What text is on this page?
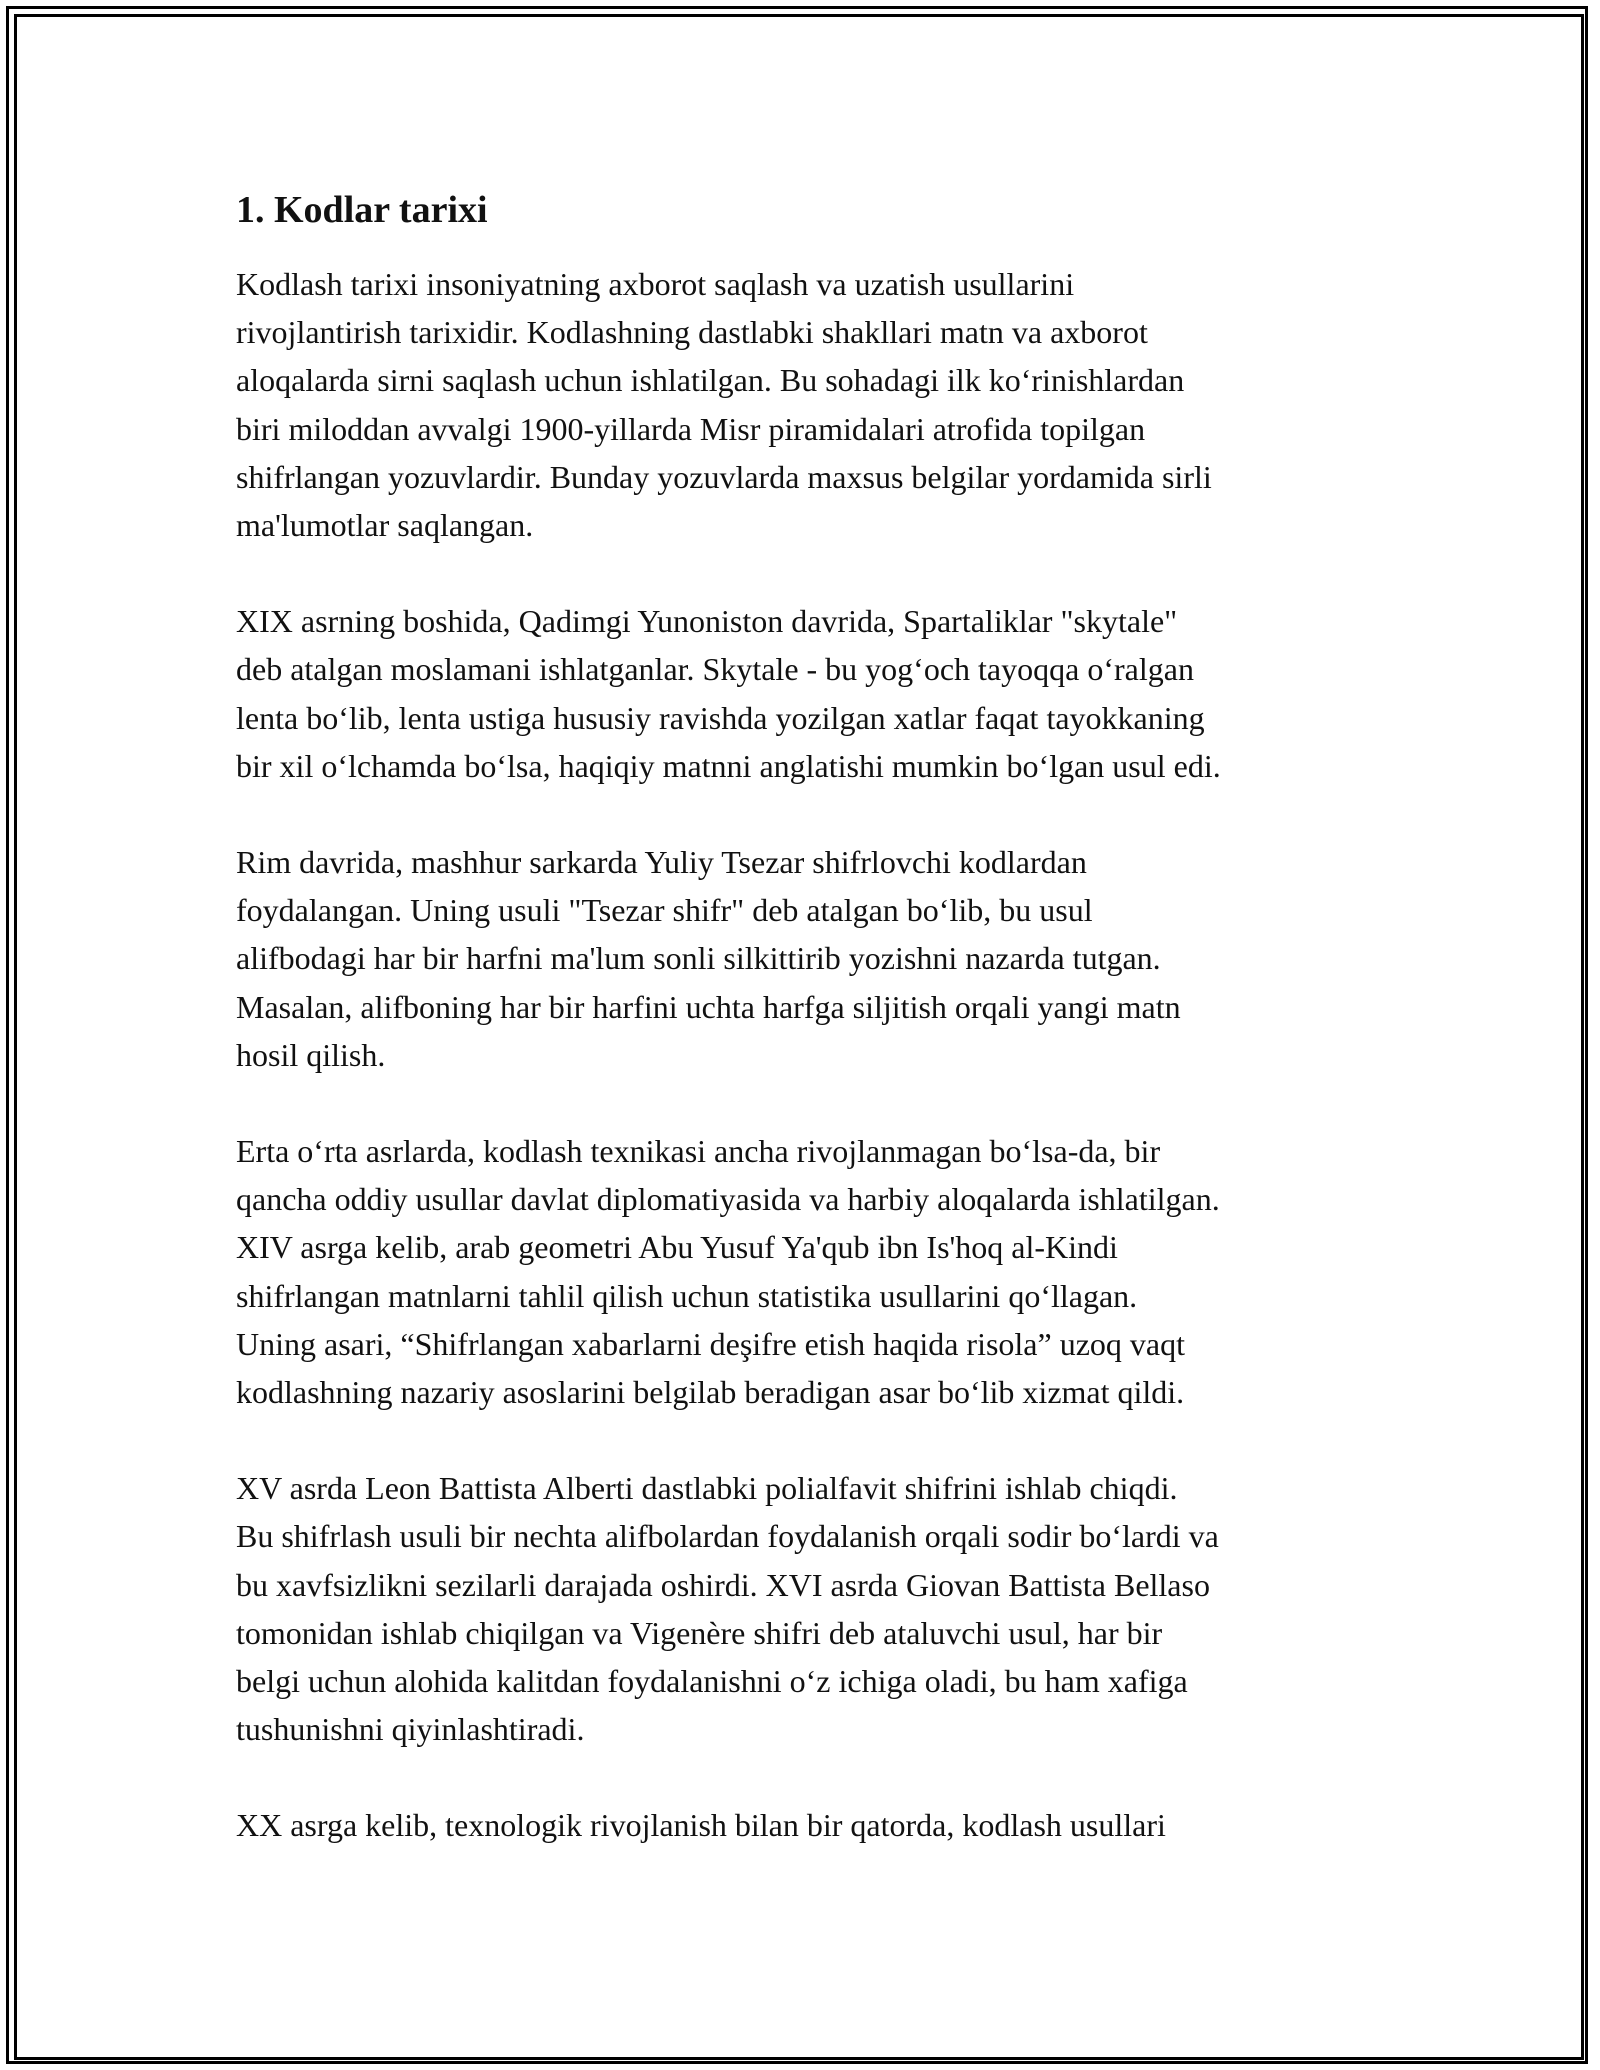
1. Kodlar tarixi

Kodlash tarixi insoniyatning axborot saqlash va uzatish usullarini
rivojlantirish tarixidir. Kodlashning dastlabki shakllari matn va axborot
aloqalarda sirni saqlash uchun ishlatilgan. Bu sohadagi ilk koʻrinishlardan
biri miloddan avvalgi 1900-yillarda Misr piramidalari atrofida topilgan
shifrlangan yozuvlardir. Bunday yozuvlarda maxsus belgilar yordamida sirli
ma'lumotlar saqlangan.

XIX asrning boshida, Qadimgi Yunoniston davrida, Spartaliklar "skytale"
deb atalgan moslamani ishlatganlar. Skytale - bu yogʻoch tayoqqa oʻralgan
lenta boʻlib, lenta ustiga hususiy ravishda yozilgan xatlar faqat tayokkaning
bir xil oʻlchamda boʻlsa, haqiqiy matnni anglatishi mumkin boʻlgan usul edi.

Rim davrida, mashhur sarkarda Yuliy Tsezar shifrlovchi kodlardan
foydalangan. Uning usuli "Tsezar shifr" deb atalgan boʻlib, bu usul
alifbodagi har bir harfni ma'lum sonli silkittirib yozishni nazarda tutgan.
Masalan, alifboning har bir harfini uchta harfga siljitish orqali yangi matn
hosil qilish.

Erta oʻrta asrlarda, kodlash texnikasi ancha rivojlanmagan boʻlsa-da, bir
qancha oddiy usullar davlat diplomatiyasida va harbiy aloqalarda ishlatilgan.
XIV asrga kelib, arab geometri Abu Yusuf Ya'qub ibn Is'hoq al-Kindi
shifrlangan matnlarni tahlil qilish uchun statistika usullarini qoʻllagan.
Uning asari, “Shifrlangan xabarlarni deşifre etish haqida risola” uzoq vaqt
kodlashning nazariy asoslarini belgilab beradigan asar boʻlib xizmat qildi.

XV asrda Leon Battista Alberti dastlabki polialfavit shifrini ishlab chiqdi.
Bu shifrlash usuli bir nechta alifbolardan foydalanish orqali sodir boʻlardi va
bu xavfsizlikni sezilarli darajada oshirdi. XVI asrda Giovan Battista Bellaso
tomonidan ishlab chiqilgan va Vigenère shifri deb ataluvchi usul, har bir
belgi uchun alohida kalitdan foydalanishni oʻz ichiga oladi, bu ham xafiga
tushunishni qiyinlashtiradi.

XX asrga kelib, texnologik rivojlanish bilan bir qatorda, kodlash usullari
